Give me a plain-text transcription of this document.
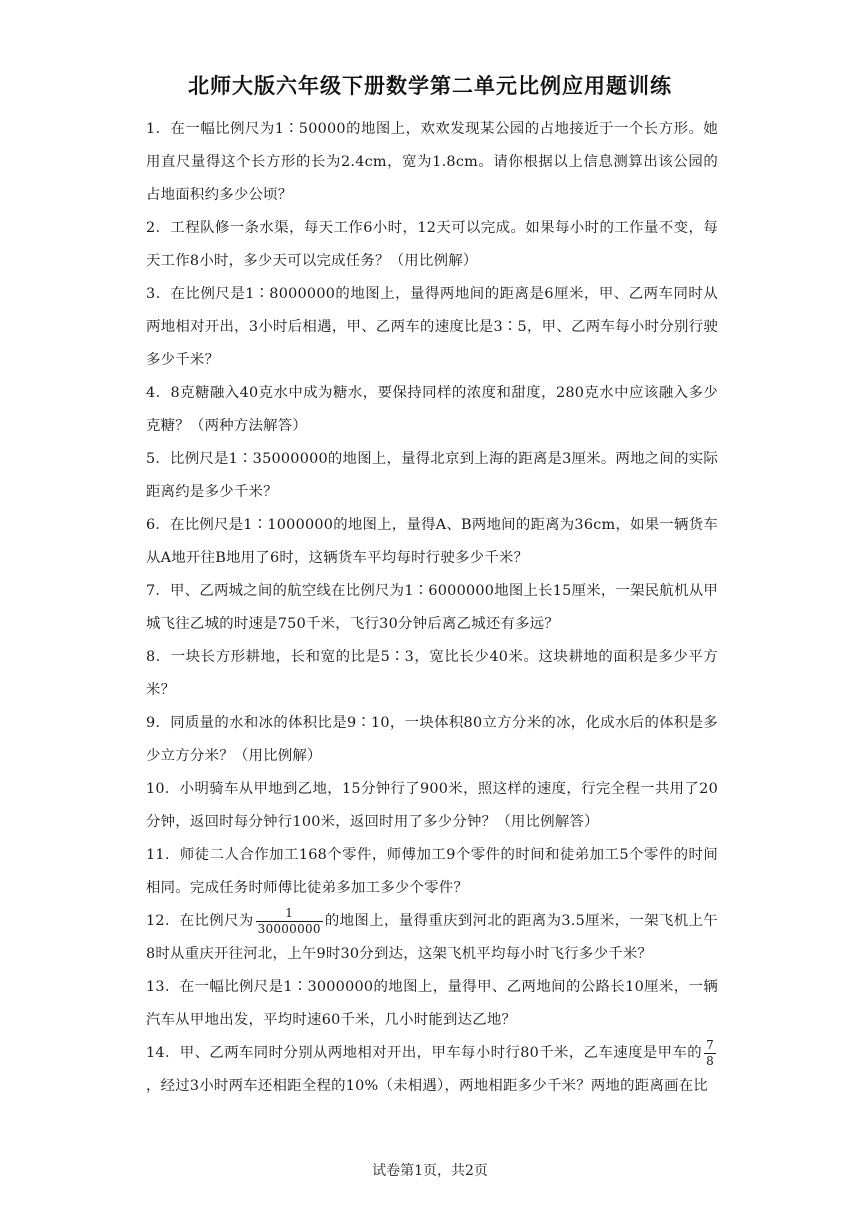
北师大版六年级下册数学第二单元比例应用题训练

1．在一幅比例尺为1∶50000的地图上，欢欢发现某公园的占地接近于一个长方形。她用直尺量得这个长方形的长为2.4cm，宽为1.8cm。请你根据以上信息测算出该公园的占地面积约多少公顷？

2．工程队修一条水渠，每天工作6小时，12天可以完成。如果每小时的工作量不变，每天工作8小时，多少天可以完成任务？（用比例解）

3．在比例尺是1∶8000000的地图上，量得两地间的距离是6厘米，甲、乙两车同时从两地相对开出，3小时后相遇，甲、乙两车的速度比是3∶5，甲、乙两车每小时分别行驶多少千米？

4．8克糖融入40克水中成为糖水，要保持同样的浓度和甜度，280克水中应该融入多少克糖？（两种方法解答）

5．比例尺是1∶35000000的地图上，量得北京到上海的距离是3厘米。两地之间的实际距离约是多少千米？

6．在比例尺是1∶1000000的地图上，量得A、B两地间的距离为36cm，如果一辆货车从A地开往B地用了6时，这辆货车平均每时行驶多少千米？

7．甲、乙两城之间的航空线在比例尺为1∶6000000地图上长15厘米，一架民航机从甲城飞往乙城的时速是750千米，飞行30分钟后离乙城还有多远？

8．一块长方形耕地，长和宽的比是5∶3，宽比长少40米。这块耕地的面积是多少平方米？

9．同质量的水和冰的体积比是9∶10，一块体积80立方分米的冰，化成水后的体积是多少立方分米？（用比例解）

10．小明骑车从甲地到乙地，15分钟行了900米，照这样的速度，行完全程一共用了20分钟，返回时每分钟行100米，返回时用了多少分钟？（用比例解答）

11．师徒二人合作加工168个零件，师傅加工9个零件的时间和徒弟加工5个零件的时间相同。完成任务时师傅比徒弟多加工多少个零件？

12．在比例尺为 $\frac{1}{30000000}$ 的地图上，量得重庆到河北的距离为3.5厘米，一架飞机上午8时从重庆开往河北，上午9时30分到达，这架飞机平均每小时飞行多少千米？

13．在一幅比例尺是1∶3000000的地图上，量得甲、乙两地间的公路长10厘米，一辆汽车从甲地出发，平均时速60千米，几小时能到达乙地？

14．甲、乙两车同时分别从两地相对开出，甲车每小时行80千米，乙车速度是甲车的 $\frac{7}{8}$
，经过3小时两车还相距全程的10%（未相遇），两地相距多少千米？两地的距离画在比

试卷第1页，共2页
